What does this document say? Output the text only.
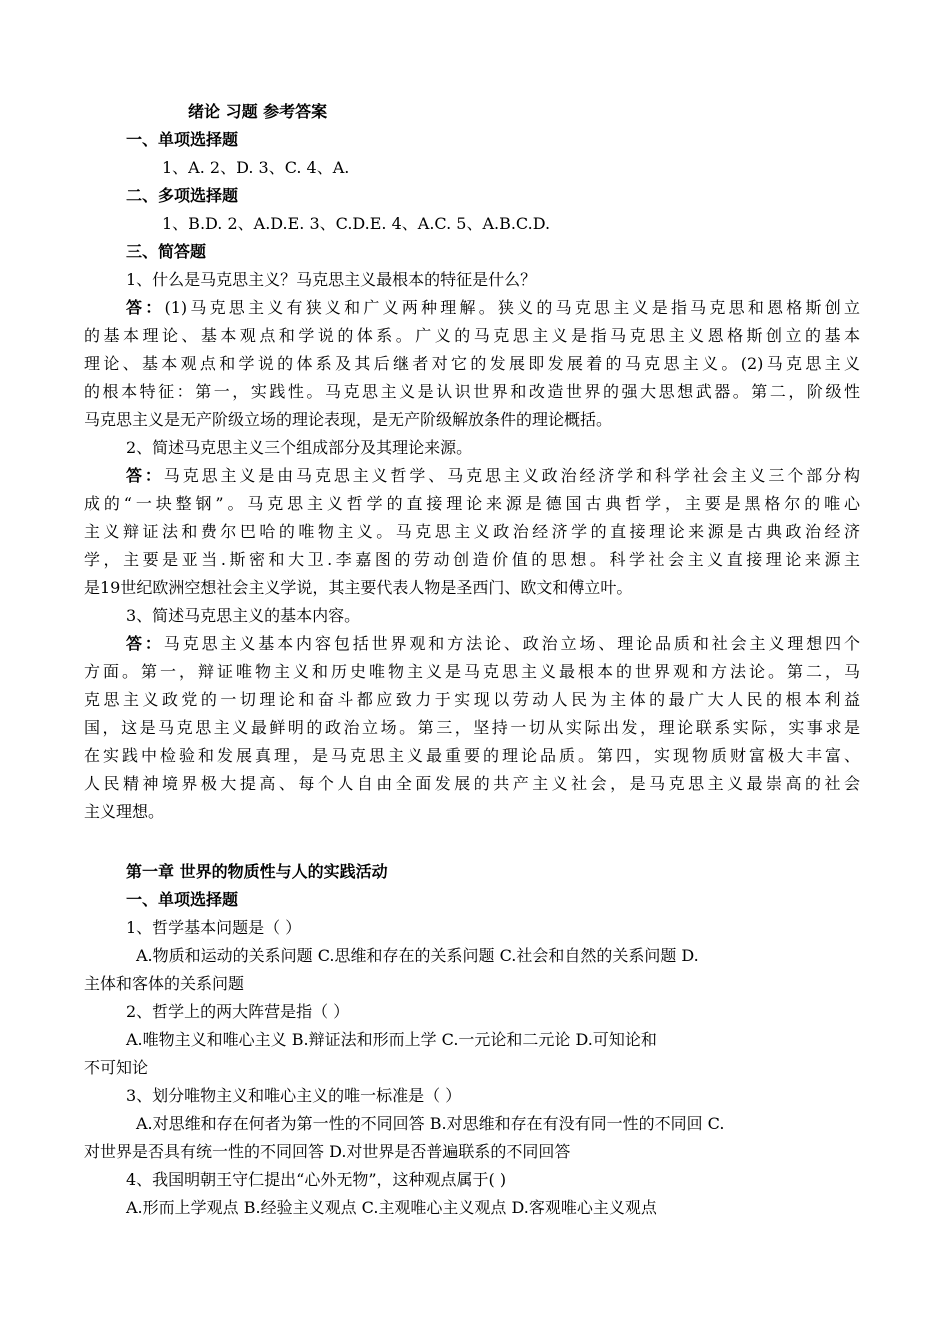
绪论 习题 参考答案
一、单项选择题
1、A. 2、D. 3、C. 4、A.
二、多项选择题
1、B.D. 2、A.D.E. 3、C.D.E. 4、A.C. 5、A.B.C.D.
三、简答题
1、什么是马克思主义？马克思主义最根本的特征是什么？
答：(1)马克思主义有狭义和广义两种理解。狭义的马克思主义是指马克思和恩格斯创立
的基本理论、基本观点和学说的体系。广义的马克思主义是指马克思主义恩格斯创立的基本
理论、基本观点和学说的体系及其后继者对它的发展即发展着的马克思主义。(2)马克思主义
的根本特征：第一，实践性。马克思主义是认识世界和改造世界的强大思想武器。第二，阶级性
马克思主义是无产阶级立场的理论表现，是无产阶级解放条件的理论概括。
2、简述马克思主义三个组成部分及其理论来源。
答：马克思主义是由马克思主义哲学、马克思主义政治经济学和科学社会主义三个部分构
成的“一块整钢”。马克思主义哲学的直接理论来源是德国古典哲学，主要是黑格尔的唯心
主义辩证法和费尔巴哈的唯物主义。马克思主义政治经济学的直接理论来源是古典政治经济
学，主要是亚当.斯密和大卫.李嘉图的劳动创造价值的思想。科学社会主义直接理论来源主
是19世纪欧洲空想社会主义学说，其主要代表人物是圣西门、欧文和傅立叶。
3、简述马克思主义的基本内容。
答：马克思主义基本内容包括世界观和方法论、政治立场、理论品质和社会主义理想四个
方面。第一，辩证唯物主义和历史唯物主义是马克思主义最根本的世界观和方法论。第二，马
克思主义政党的一切理论和奋斗都应致力于实现以劳动人民为主体的最广大人民的根本利益
国，这是马克思主义最鲜明的政治立场。第三，坚持一切从实际出发，理论联系实际，实事求是
在实践中检验和发展真理，是马克思主义最重要的理论品质。第四，实现物质财富极大丰富、
人民精神境界极大提高、每个人自由全面发展的共产主义社会，是马克思主义最崇高的社会
主义理想。
第一章 世界的物质性与人的实践活动
一、单项选择题
1、哲学基本问题是（ ）
A.物质和运动的关系问题 C.思维和存在的关系问题 C.社会和自然的关系问题 D.
主体和客体的关系问题
2、哲学上的两大阵营是指（ ）
A.唯物主义和唯心主义 B.辩证法和形而上学 C.一元论和二元论 D.可知论和
不可知论
3、划分唯物主义和唯心主义的唯一标准是（ ）
A.对思维和存在何者为第一性的不同回答 B.对思维和存在有没有同一性的不同回 C.
对世界是否具有统一性的不同回答 D.对世界是否普遍联系的不同回答
4、我国明朝王守仁提出“心外无物”，这种观点属于( )
A.形而上学观点 B.经验主义观点 C.主观唯心主义观点 D.客观唯心主义观点
